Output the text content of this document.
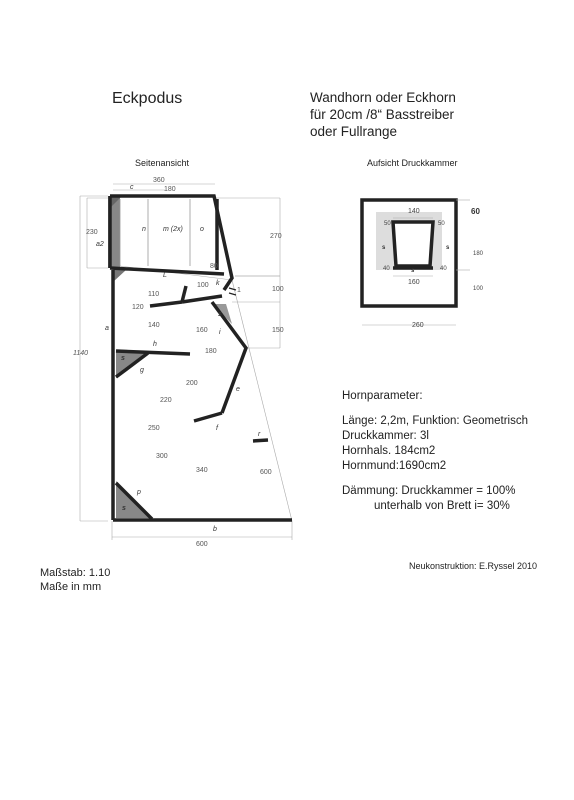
Eckpodus	Wandhorn oder Eckhorn
für 20cm /8“ Basstreiber
oder Fullrange
Seitenansicht	Aufsicht Druckkammer
360
180
230
270
80
100
100
110
120
140
160	150
180
200
220
250
300
340	600
1140
600
1
c
a2
n m (2x) o
L
k
j
a
i
h
g
e
f
r
p
b
s
s
s
140	60
50	50
180
40	40
160
100
260
s	s
s
Hornparameter:
Länge: 2,2m, Funktion: Geometrisch
Druckkammer: 3l
Hornhals. 184cm2
Hornmund:1690cm2
Dämmung: Druckkammer = 100%
unterhalb von Brett i= 30%
Neukonstruktion: E.Ryssel 2010
Maßstab: 1.10
Maße in mm
